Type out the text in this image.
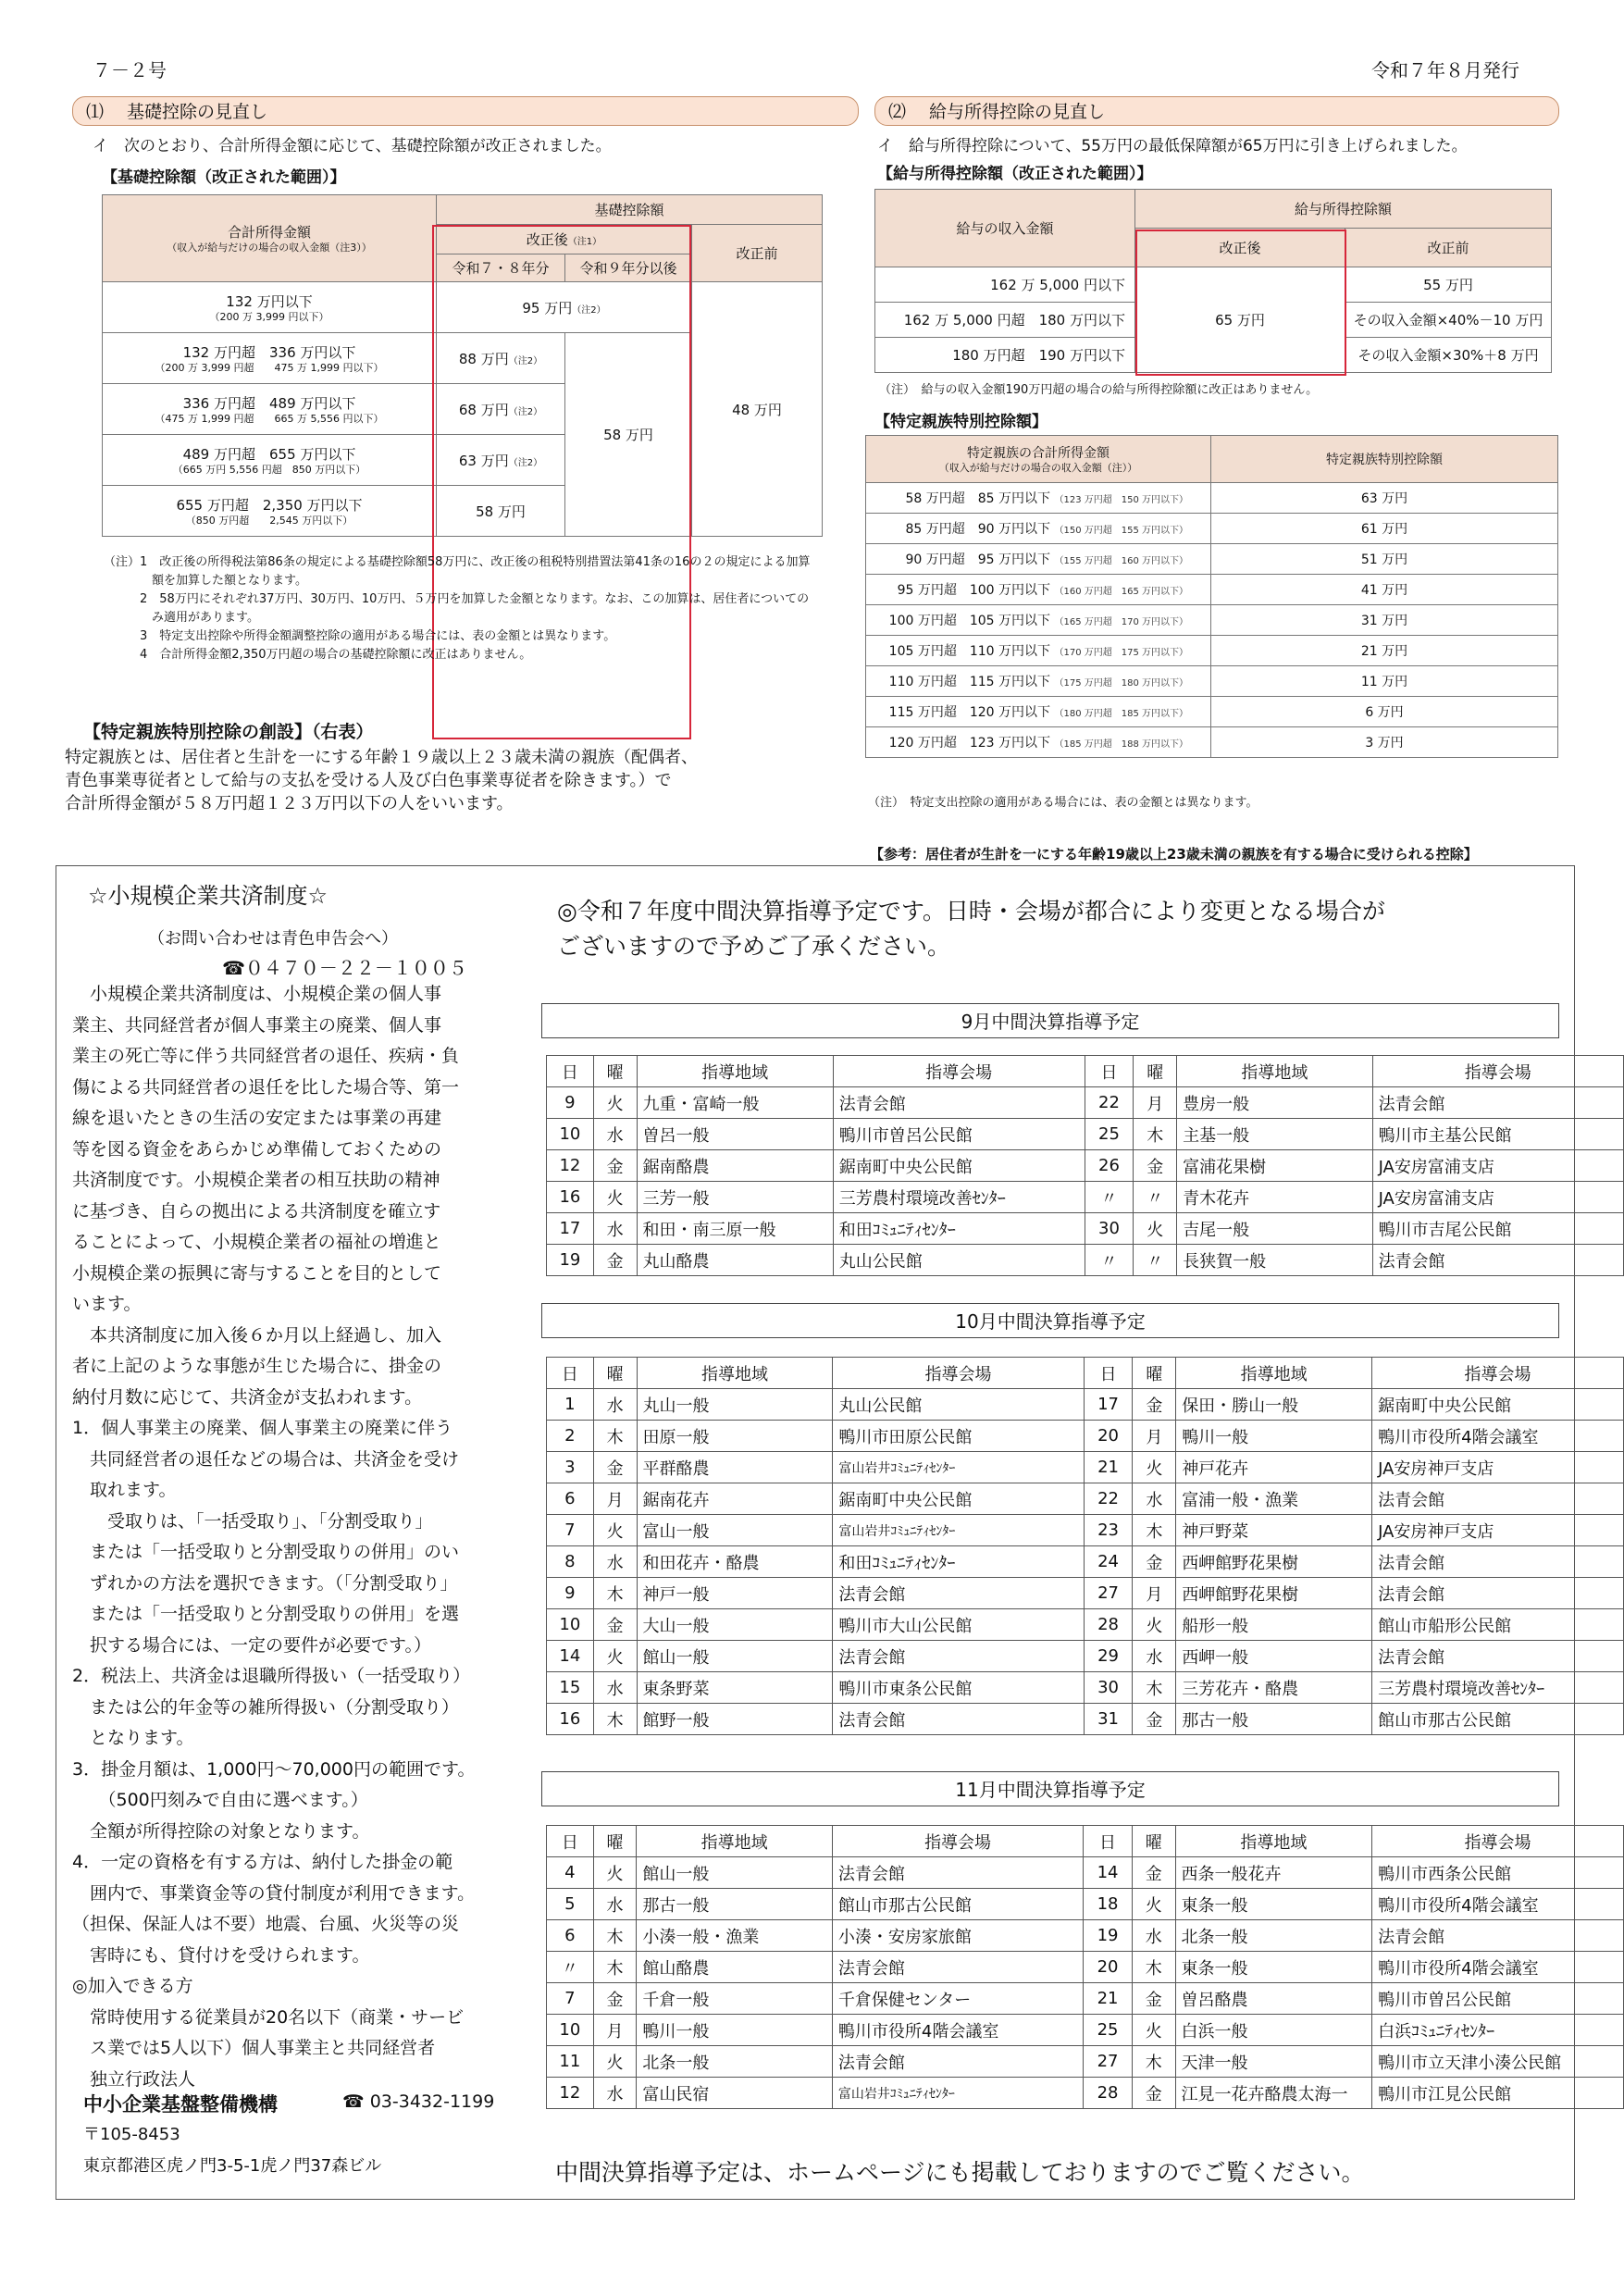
７－２号	令和７年８月発行
⑴ 基礎控除の見直し
イ　次のとおり、合計所得金額に応じて、基礎控除額が改正されました。
【基礎控除額（改正された範囲）】
合計所得金額
（収入が給与だけの場合の収入金額（注3））	基礎控除額		
	改正後（注1）		改正前
	令和７・８年分	令和９年分以後	
132 万円以下
（200 万 3,999 円以下）	95 万円（注2）		48 万円
132 万円超　336 万円以下
（200 万 3,999 円超　　475 万 1,999 円以下）	88 万円（注2）	58 万円	
336 万円超　489 万円以下
（475 万 1,999 円超　　665 万 5,556 円以下）	68 万円（注2）		
489 万円超　655 万円以下
（665 万円 5,556 円超　850 万円以下）	63 万円（注2）		
655 万円超　2,350 万円以下
（850 万円超　　2,545 万円以下）	58 万円		
（注）1　改正後の所得税法第86条の規定による基礎控除額58万円に、改正後の租税特別措置法第41条の16の２の規定による加算
　　　　額を加算した額となります。
　　　2　58万円にそれぞれ37万円、30万円、10万円、５万円を加算した金額となります。なお、この加算は、居住者についての
　　　　み適用があります。
　　　3　特定支出控除や所得金額調整控除の適用がある場合には、表の金額とは異なります。
　　　4　合計所得金額2,350万円超の場合の基礎控除額に改正はありません。
【特定親族特別控除の創設】（右表）
特定親族とは、居住者と生計を一にする年齢１９歳以上２３歳未満の親族（配偶者、
青色事業専従者として給与の支払を受ける人及び白色事業専従者を除きます。）で
合計所得金額が５８万円超１２３万円以下の人をいいます。
⑵ 給与所得控除の見直し
イ　給与所得控除について、55万円の最低保障額が65万円に引き上げられました。
【給与所得控除額（改正された範囲）】
給与の収入金額	給与所得控除額	
	改正後	改正前
162 万 5,000 円以下	65 万円	55 万円
162 万 5,000 円超　180 万円以下		その収入金額×40%－10 万円
180 万円超　190 万円以下		その収入金額×30%＋8 万円
（注）　給与の収入金額190万円超の場合の給与所得控除額に改正はありません。
【特定親族特別控除額】
特定親族の合計所得金額
（収入が給与だけの場合の収入金額（注））	特定親族特別控除額
58 万円超　 85 万円以下 （123 万円超　150 万円以下）	63 万円
85 万円超　 90 万円以下 （150 万円超　155 万円以下）	61 万円
90 万円超　 95 万円以下 （155 万円超　160 万円以下）	51 万円
95 万円超　 100 万円以下 （160 万円超　165 万円以下）	41 万円
100 万円超　 105 万円以下 （165 万円超　170 万円以下）	31 万円
105 万円超　 110 万円以下 （170 万円超　175 万円以下）	21 万円
110 万円超　 115 万円以下 （175 万円超　180 万円以下）	11 万円
115 万円超　 120 万円以下 （180 万円超　185 万円以下）	6 万円
120 万円超　 123 万円以下 （185 万円超　188 万円以下）	3 万円
（注）　特定支出控除の適用がある場合には、表の金額とは異なります。
【参考：居住者が生計を一にする年齢19歳以上23歳未満の親族を有する場合に受けられる控除】
☆小規模企業共済制度☆
（お問い合わせは青色申告会へ）
☎０４７０－２２－１００５
　小規模企業共済制度は、小規模企業の個人事
業主、共同経営者が個人事業主の廃業、個人事
業主の死亡等に伴う共同経営者の退任、疾病・負
傷による共同経営者の退任を比した場合等、第一
線を退いたときの生活の安定または事業の再建
等を図る資金をあらかじめ準備しておくための
共済制度です。小規模企業者の相互扶助の精神
に基づき、自らの拠出による共済制度を確立す
ることによって、小規模企業者の福祉の増進と
小規模企業の振興に寄与することを目的として
います。
　本共済制度に加入後６か月以上経過し、加入
者に上記のような事態が生じた場合に、掛金の
納付月数に応じて、共済金が支払われます。
1．個人事業主の廃業、個人事業主の廃業に伴う
　共同経営者の退任などの場合は、共済金を受け
　取れます。
　　受取りは、「一括受取り」、「分割受取り」
　または「一括受取りと分割受取りの併用」のい
　ずれかの方法を選択できます。（「分割受取り」
　または「一括受取りと分割受取りの併用」を選
　択する場合には、一定の要件が必要です。）
2．税法上、共済金は退職所得扱い（一括受取り）
　または公的年金等の雑所得扱い（分割受取り）
　となります。
3．掛金月額は、1,000円～70,000円の範囲です。
　　（500円刻みで自由に選べます。）
　全額が所得控除の対象となります。
4．一定の資格を有する方は、納付した掛金の範
　囲内で、事業資金等の貸付制度が利用できます。
（担保、保証人は不要）地震、台風、火災等の災
　害時にも、貸付けを受けられます。
◎加入できる方
　常時使用する従業員が20名以下（商業・サービ
　ス業では5人以下）個人事業主と共同経営者
　独立行政法人
中小企業基盤整備機構	☎ 03-3432-1199
〒105-8453
東京都港区虎ノ門3-5-1虎ノ門37森ビル
◎令和７年度中間決算指導予定です。日時・会場が都合により変更となる場合が
ございますので予めご了承ください。
9月中間決算指導予定
日	曜	指導地域	指導会場	日	曜	指導地域	指導会場
9	火	九重・富崎一般	法青会館	22	月	豊房一般	法青会館
10	水	曽呂一般	鴨川市曽呂公民館	25	木	主基一般	鴨川市主基公民館
12	金	鋸南酪農	鋸南町中央公民館	26	金	富浦花果樹	JA安房富浦支店
16	火	三芳一般	三芳農村環境改善ｾﾝﾀｰ	〃	〃	青木花卉	JA安房富浦支店
17	水	和田・南三原一般	和田ｺﾐｭﾆﾃｨｾﾝﾀｰ	30	火	吉尾一般	鴨川市吉尾公民館
19	金	丸山酪農	丸山公民館	〃	〃	長狭賀一般	法青会館
10月中間決算指導予定
日	曜	指導地域	指導会場	日	曜	指導地域	指導会場
1	水	丸山一般	丸山公民館	17	金	保田・勝山一般	鋸南町中央公民館
2	木	田原一般	鴨川市田原公民館	20	月	鴨川一般	鴨川市役所4階会議室
3	金	平群酪農	富山岩井ｺﾐｭﾆﾃｨｾﾝﾀｰ	21	火	神戸花卉	JA安房神戸支店
6	月	鋸南花卉	鋸南町中央公民館	22	水	富浦一般・漁業	法青会館
7	火	富山一般	富山岩井ｺﾐｭﾆﾃｨｾﾝﾀｰ	23	木	神戸野菜	JA安房神戸支店
8	水	和田花卉・酪農	和田ｺﾐｭﾆﾃｨｾﾝﾀｰ	24	金	西岬館野花果樹	法青会館
9	木	神戸一般	法青会館	27	月	西岬館野花果樹	法青会館
10	金	大山一般	鴨川市大山公民館	28	火	船形一般	館山市船形公民館
14	火	館山一般	法青会館	29	水	西岬一般	法青会館
15	水	東条野菜	鴨川市東条公民館	30	木	三芳花卉・酪農	三芳農村環境改善ｾﾝﾀｰ
16	木	館野一般	法青会館	31	金	那古一般	館山市那古公民館
11月中間決算指導予定
日	曜	指導地域	指導会場	日	曜	指導地域	指導会場
4	火	館山一般	法青会館	14	金	西条一般花卉	鴨川市西条公民館
5	水	那古一般	館山市那古公民館	18	火	東条一般	鴨川市役所4階会議室
6	木	小湊一般・漁業	小湊・安房家旅館	19	水	北条一般	法青会館
〃	木	館山酪農	法青会館	20	木	東条一般	鴨川市役所4階会議室
7	金	千倉一般	千倉保健センター	21	金	曽呂酪農	鴨川市曽呂公民館
10	月	鴨川一般	鴨川市役所4階会議室	25	火	白浜一般	白浜ｺﾐｭﾆﾃｨｾﾝﾀｰ
11	火	北条一般	法青会館	27	木	天津一般	鴨川市立天津小湊公民館
12	水	富山民宿	富山岩井ｺﾐｭﾆﾃｨｾﾝﾀｰ	28	金	江見一花卉酪農太海一	鴨川市江見公民館
中間決算指導予定は、ホームページにも掲載しておりますのでご覧ください。
